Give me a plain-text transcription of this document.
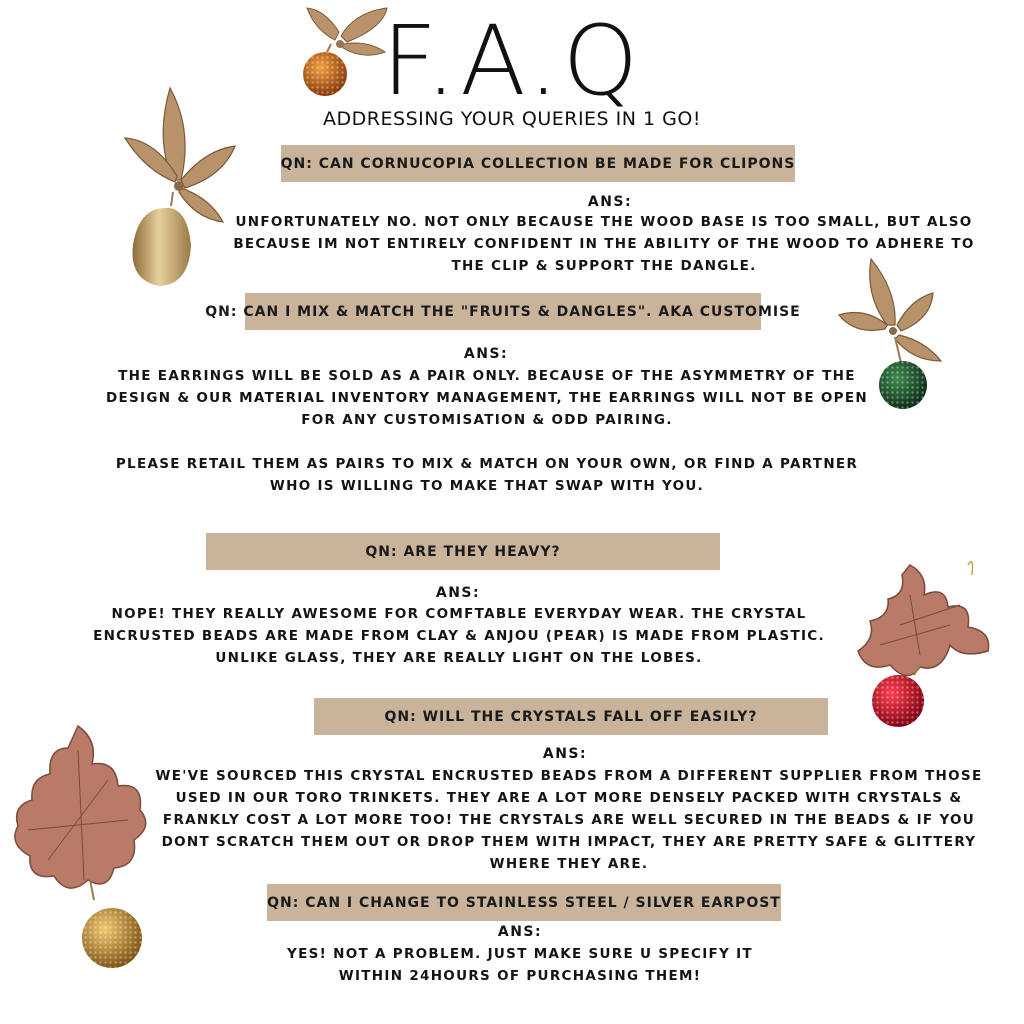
F.A.Q
ADDRESSING YOUR QUERIES IN 1 GO!
QN: CAN CORNUCOPIA COLLECTION BE MADE FOR CLIPONS
ANS:

UNFORTUNATELY NO. NOT ONLY BECAUSE THE WOOD BASE IS TOO SMALL, BUT ALSO BECAUSE IM NOT ENTIRELY CONFIDENT IN THE ABILITY OF THE WOOD TO ADHERE TO THE CLIP & SUPPORT THE DANGLE.

QN: CAN I MIX & MATCH THE "FRUITS & DANGLES". AKA CUSTOMISE
ANS:

THE EARRINGS WILL BE SOLD AS A PAIR ONLY. BECAUSE OF THE ASYMMETRY OF THE DESIGN & OUR MATERIAL INVENTORY MANAGEMENT, THE EARRINGS WILL NOT BE OPEN FOR ANY CUSTOMISATION & ODD PAIRING.

PLEASE RETAIL THEM AS PAIRS TO MIX & MATCH ON YOUR OWN, OR FIND A PARTNER WHO IS WILLING TO MAKE THAT SWAP WITH YOU.

QN: ARE THEY HEAVY?
ANS:

NOPE! THEY REALLY AWESOME FOR COMFTABLE EVERYDAY WEAR. THE CRYSTAL ENCRUSTED BEADS ARE MADE FROM CLAY & ANJOU (PEAR) IS MADE FROM PLASTIC. UNLIKE GLASS, THEY ARE REALLY LIGHT ON THE LOBES.

QN: WILL THE CRYSTALS FALL OFF EASILY?
ANS:

WE'VE SOURCED THIS CRYSTAL ENCRUSTED BEADS FROM A DIFFERENT SUPPLIER FROM THOSE USED IN OUR TORO TRINKETS. THEY ARE A LOT MORE DENSELY PACKED WITH CRYSTALS & FRANKLY COST A LOT MORE TOO! THE CRYSTALS ARE WELL SECURED IN THE BEADS & IF YOU DONT SCRATCH THEM OUT OR DROP THEM WITH IMPACT, THEY ARE PRETTY SAFE & GLITTERY WHERE THEY ARE.

QN: CAN I CHANGE TO STAINLESS STEEL / SILVER EARPOST
ANS:

YES! NOT A PROBLEM. JUST MAKE SURE U SPECIFY IT WITHIN 24HOURS OF PURCHASING THEM!
